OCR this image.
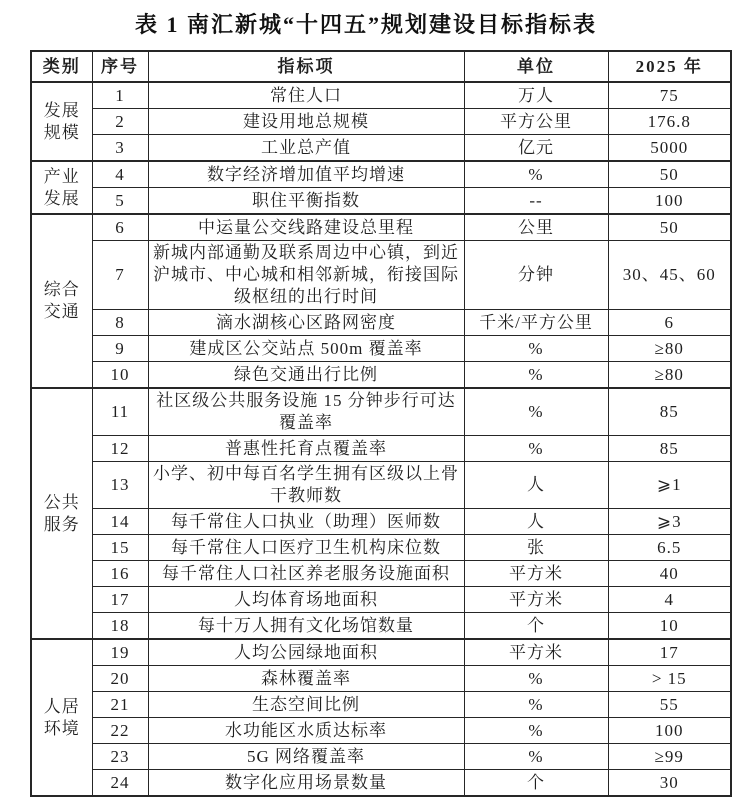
表 1 南汇新城“十四五”规划建设目标指标表
类别	序号	指标项	单位	2025 年
发展规模	1	常住人口	万人	75
	2	建设用地总规模	平方公里	176.8
	3	工业总产值	亿元	5000
产业发展	4	数字经济增加值平均增速	%	50
	5	职住平衡指数	--	100
综合交通	6	中运量公交线路建设总里程	公里	50
	7	新城内部通勤及联系周边中心镇，到近沪城市、中心城和相邻新城，衔接国际级枢纽的出行时间	分钟	30、45、60
	8	滴水湖核心区路网密度	千米/平方公里	6
	9	建成区公交站点 500m 覆盖率	%	≥80
	10	绿色交通出行比例	%	≥80
公共服务	11	社区级公共服务设施 15 分钟步行可达覆盖率	%	85
	12	普惠性托育点覆盖率	%	85
	13	小学、初中每百名学生拥有区级以上骨干教师数	人	⩾1
	14	每千常住人口执业（助理）医师数	人	⩾3
	15	每千常住人口医疗卫生机构床位数	张	6.5
	16	每千常住人口社区养老服务设施面积	平方米	40
	17	人均体育场地面积	平方米	4
	18	每十万人拥有文化场馆数量	个	10
人居环境	19	人均公园绿地面积	平方米	17
	20	森林覆盖率	%	> 15
	21	生态空间比例	%	55
	22	水功能区水质达标率	%	100
	23	5G 网络覆盖率	%	≥99
	24	数字化应用场景数量	个	30
